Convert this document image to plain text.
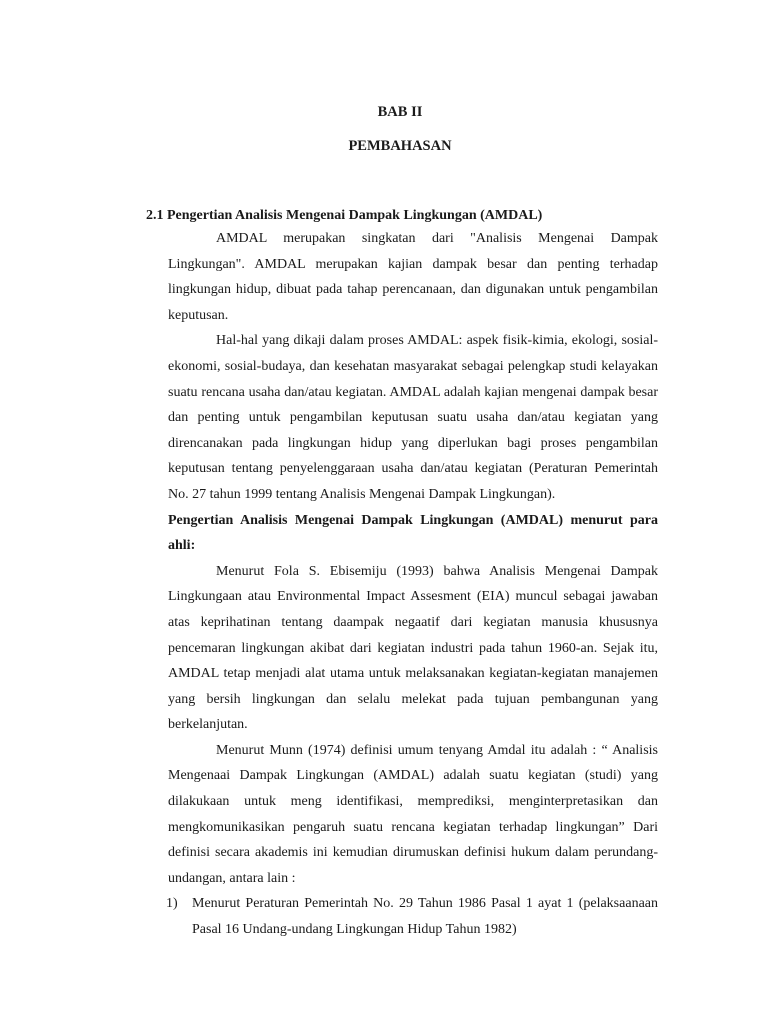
BAB II
PEMBAHASAN
2.1 Pengertian Analisis Mengenai Dampak Lingkungan (AMDAL)

AMDAL merupakan singkatan dari "Analisis Mengenai Dampak Lingkungan". AMDAL merupakan kajian dampak besar dan penting terhadap lingkungan hidup, dibuat pada tahap perencanaan, dan digunakan untuk pengambilan keputusan.

Hal-hal yang dikaji dalam proses AMDAL: aspek fisik-kimia, ekologi, sosial-ekonomi, sosial-budaya, dan kesehatan masyarakat sebagai pelengkap studi kelayakan suatu rencana usaha dan/atau kegiatan. AMDAL adalah kajian mengenai dampak besar dan penting untuk pengambilan keputusan suatu usaha dan/atau kegiatan yang direncanakan pada lingkungan hidup yang diperlukan bagi proses pengambilan keputusan tentang penyelenggaraan usaha dan/atau kegiatan (Peraturan Pemerintah No. 27 tahun 1999 tentang Analisis Mengenai Dampak Lingkungan).

Pengertian Analisis Mengenai Dampak Lingkungan (AMDAL) menurut para ahli:

Menurut Fola S. Ebisemiju (1993) bahwa Analisis Mengenai Dampak Lingkungaan atau Environmental Impact Assesment (EIA) muncul sebagai jawaban atas keprihatinan tentang daampak negaatif dari kegiatan manusia khususnya pencemaran lingkungan akibat dari kegiatan industri pada tahun 1960-an. Sejak itu, AMDAL tetap menjadi alat utama untuk melaksanakan kegiatan-kegiatan manajemen yang bersih lingkungan dan selalu melekat pada tujuan pembangunan yang berkelanjutan.

Menurut Munn (1974) definisi umum tenyang Amdal itu adalah : “ Analisis Mengenaai Dampak Lingkungan (AMDAL) adalah suatu kegiatan (studi) yang dilakukaan untuk meng identifikasi, memprediksi, menginterpretasikan dan mengkomunikasikan pengaruh suatu rencana kegiatan terhadap lingkungan” Dari definisi secara akademis ini kemudian dirumuskan definisi hukum dalam perundang-undangan, antara lain :

1) Menurut Peraturan Pemerintah No. 29 Tahun 1986 Pasal 1 ayat 1 (pelaksaanaan Pasal 16 Undang-undang Lingkungan Hidup Tahun 1982)
